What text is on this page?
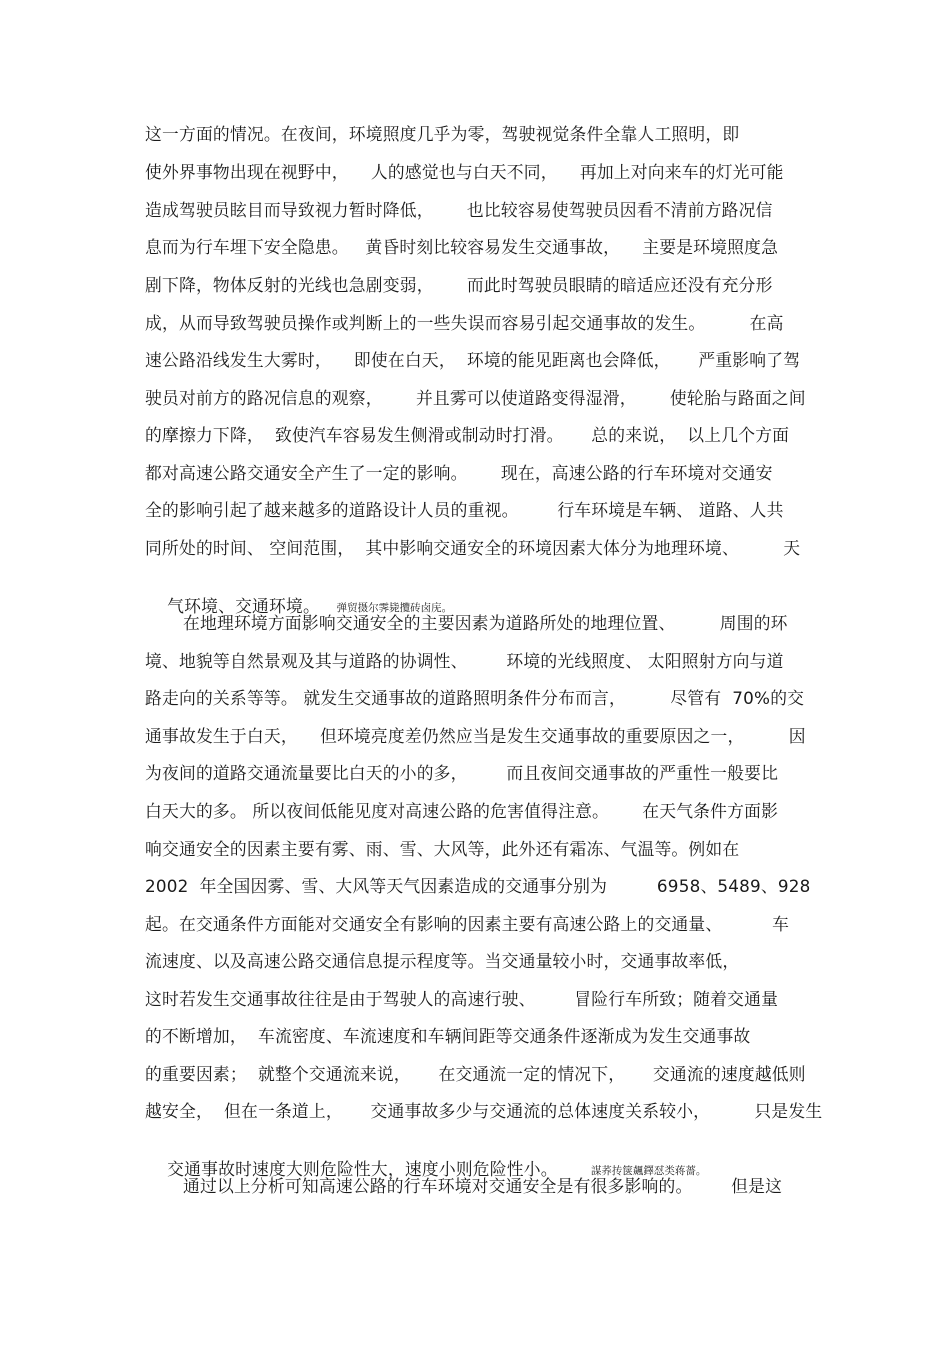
这一方面的情况。在夜间，环境照度几乎为零，驾驶视觉条件全靠人工照明，即
使外界事物出现在视野中，    人的感觉也与白天不同，    再加上对向来车的灯光可能
造成驾驶员眩目而导致视力暂时降低，      也比较容易使驾驶员因看不清前方路况信
息而为行车埋下安全隐患。   黄昏时刻比较容易发生交通事故，    主要是环境照度急
剧下降，物体反射的光线也急剧变弱，      而此时驾驶员眼睛的暗适应还没有充分形
成，从而导致驾驶员操作或判断上的一些失误而容易引起交通事故的发生。        在高
速公路沿线发生大雾时，    即使在白天，  环境的能见距离也会降低，     严重影响了驾
驶员对前方的路况信息的观察，      并且雾可以使道路变得湿滑，      使轮胎与路面之间
的摩擦力下降，  致使汽车容易发生侧滑或制动时打滑。     总的来说，  以上几个方面
都对高速公路交通安全产生了一定的影响。      现在，高速公路的行车环境对交通安
全的影响引起了越来越多的道路设计人员的重视。       行车环境是车辆、 道路、人共
同所处的时间、 空间范围，  其中影响交通安全的环境因素大体分为地理环境、        天

气环境、交通环境。 弹贸摄尔霁毙攬砖卤庑。

在地理环境方面影响交通安全的主要因素为道路所处的地理位置、        周围的环
境、地貌等自然景观及其与道路的协调性、       环境的光线照度、 太阳照射方向与道
路走向的关系等等。 就发生交通事故的道路照明条件分布而言，        尽管有  70%的交
通事故发生于白天，    但环境亮度差仍然应当是发生交通事故的重要原因之一，        因
为夜间的道路交通流量要比白天的小的多，       而且夜间交通事故的严重性一般要比
白天大的多。 所以夜间低能见度对高速公路的危害值得注意。      在天气条件方面影
响交通安全的因素主要有雾、雨、雪、大风等，此外还有霜冻、气温等。例如在
2002  年全国因雾、雪、大风等天气因素造成的交通事分别为         6958、5489、928
起。在交通条件方面能对交通安全有影响的因素主要有高速公路上的交通量、         车
流速度、以及高速公路交通信息提示程度等。当交通量较小时，交通事故率低，
这时若发生交通事故往往是由于驾驶人的高速行驶、       冒险行车所致；随着交通量
的不断增加，  车流密度、车流速度和车辆间距等交通条件逐渐成为发生交通事故
的重要因素；  就整个交通流来说，     在交通流一定的情况下，     交通流的速度越低则
越安全，  但在一条道上，     交通事故多少与交通流的总体速度关系较小，        只是发生

交通事故时速度大则危险性大，速度小则危险性小。	謀荞抟箧飆鐸怼类蒋薔。

通过以上分析可知高速公路的行车环境对交通安全是有很多影响的。       但是这
